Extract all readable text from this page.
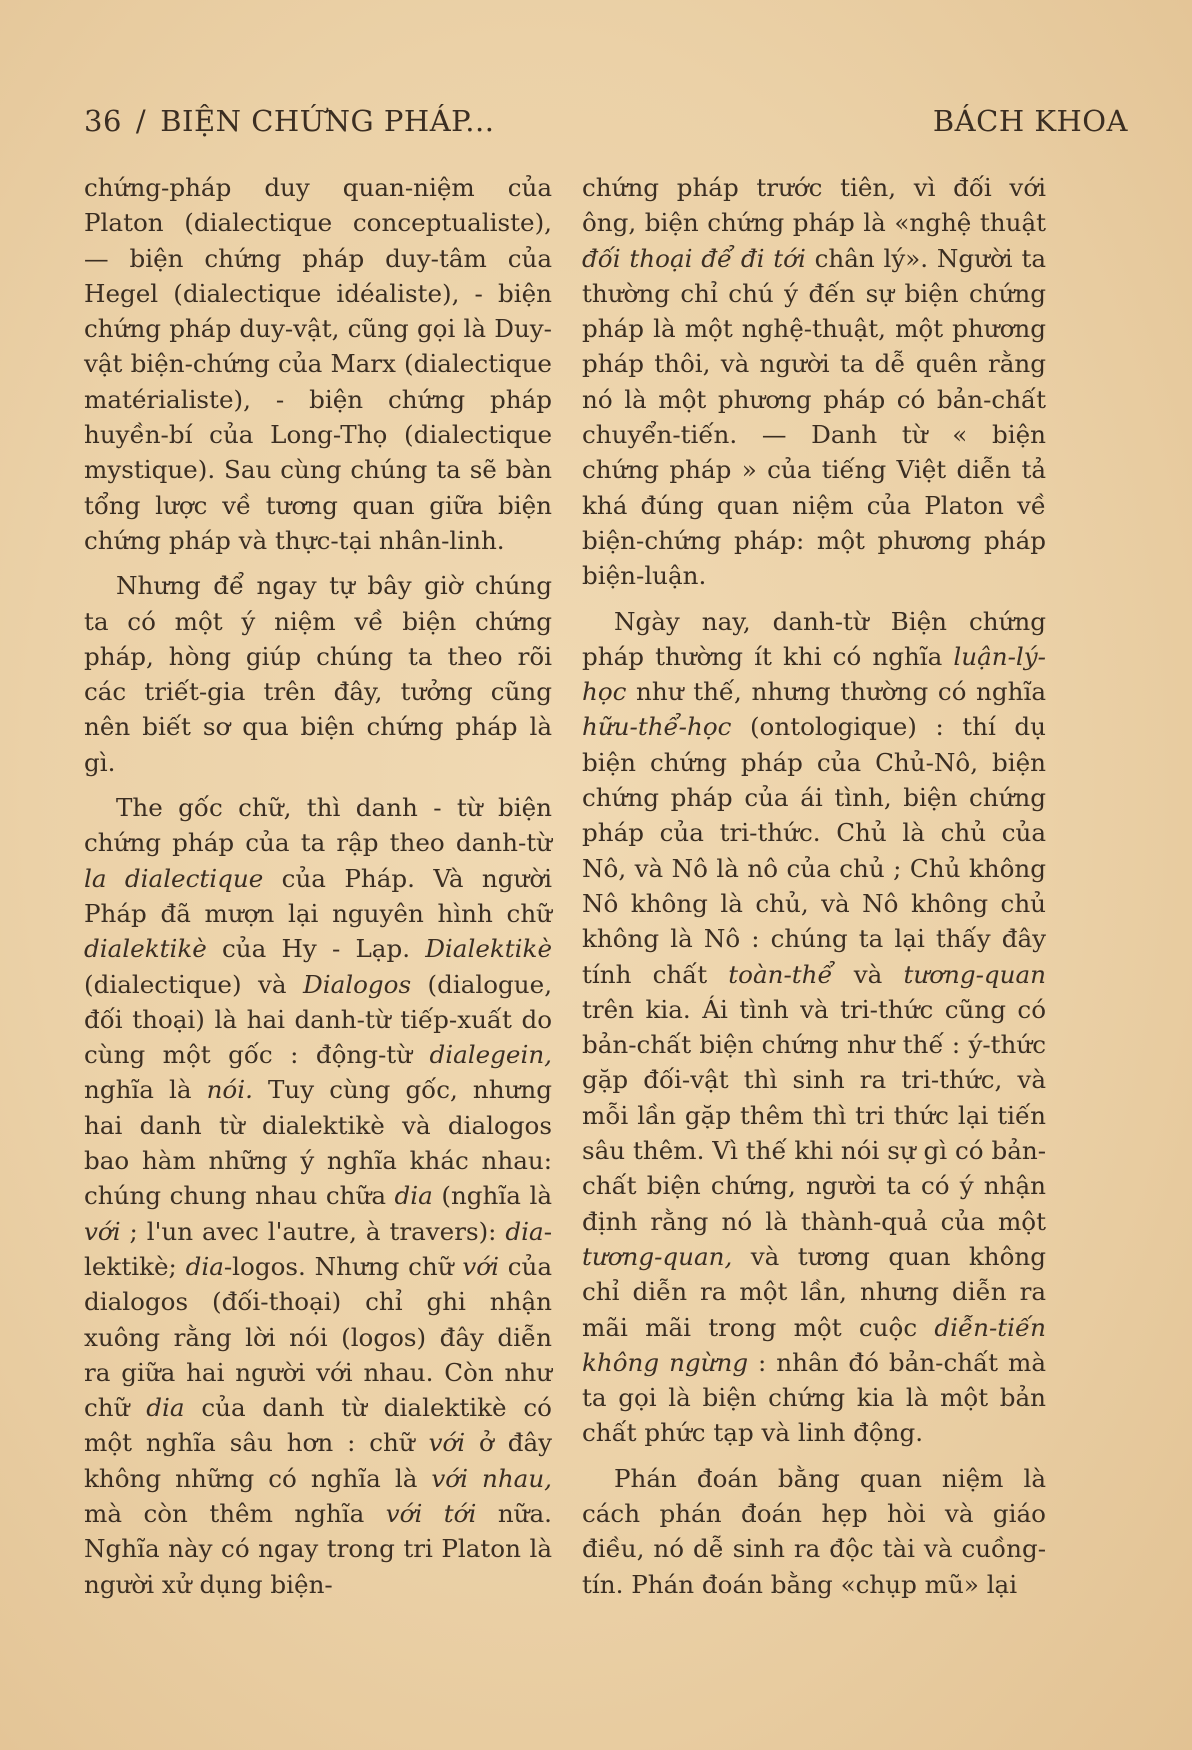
36 / BIỆN CHỨNG PHÁP...	BÁCH KHOA

chứng-pháp duy quan-niệm của Platon (dialectique conceptualiste), — biện chứng pháp duy-tâm của Hegel (dialectique idéaliste), - biện chứng pháp duy-vật, cũng gọi là Duy-vật biện-chứng của Marx (dialectique matérialiste), - biện chứng pháp huyền-bí của Long-Thọ (dialectique mystique). Sau cùng chúng ta sẽ bàn tổng lược về tương quan giữa biện chứng pháp và thực-tại nhân-linh.

Nhưng để ngay tự bây giờ chúng ta có một ý niệm về biện chứng pháp, hòng giúp chúng ta theo rõi các triết-gia trên đây, tưởng cũng nên biết sơ qua biện chứng pháp là gì.

The gốc chữ, thì danh - từ biện chứng pháp của ta rập theo danh-từ la dialectique của Pháp. Và người Pháp đã mượn lại nguyên hình chữ dialektikè của Hy - Lạp. Dialektikè (dialectique) và Dialogos (dialogue, đối thoại) là hai danh-từ tiếp-xuất do cùng một gốc : động-từ dialegein, nghĩa là nói. Tuy cùng gốc, nhưng hai danh từ dialektikè và dialogos bao hàm những ý nghĩa khác nhau: chúng chung nhau chữa dia (nghĩa là với ; l'un avec l'autre, à travers): dia-lektikè; dia-logos. Nhưng chữ với của dialogos (đối-thoại) chỉ ghi nhận xuông rằng lời nói (logos) đây diễn ra giữa hai người với nhau. Còn như chữ dia của danh từ dialektikè có một nghĩa sâu hơn : chữ với ở đây không những có nghĩa là với nhau, mà còn thêm nghĩa với tới nữa. Nghĩa này có ngay trong tri Platon là người xử dụng biện-

chứng pháp trước tiên, vì đối với ông, biện chứng pháp là «nghệ thuật đối thoại để đi tới chân lý». Người ta thường chỉ chú ý đến sự biện chứng pháp là một nghệ-thuật, một phương pháp thôi, và người ta dễ quên rằng nó là một phương pháp có bản-chất chuyển-tiến. — Danh từ « biện chứng pháp » của tiếng Việt diễn tả khá đúng quan niệm của Platon về biện-chứng pháp: một phương pháp biện-luận.

Ngày nay, danh-từ Biện chứng pháp thường ít khi có nghĩa luận-lý-học như thế, nhưng thường có nghĩa hữu-thể-học (ontologique) : thí dụ biện chứng pháp của Chủ-Nô, biện chứng pháp của ái tình, biện chứng pháp của tri-thức. Chủ là chủ của Nô, và Nô là nô của chủ ; Chủ không Nô không là chủ, và Nô không chủ không là Nô : chúng ta lại thấy đây tính chất toàn-thể và tương-quan trên kia. Ái tình và tri-thức cũng có bản-chất biện chứng như thế : ý-thức gặp đối-vật thì sinh ra tri-thức, và mỗi lần gặp thêm thì tri thức lại tiến sâu thêm. Vì thế khi nói sự gì có bản-chất biện chứng, người ta có ý nhận định rằng nó là thành-quả của một tương-quan, và tương quan không chỉ diễn ra một lần, nhưng diễn ra mãi mãi trong một cuộc diễn-tiến không ngừng : nhân đó bản-chất mà ta gọi là biện chứng kia là một bản chất phức tạp và linh động.

Phán đoán bằng quan niệm là cách phán đoán hẹp hòi và giáo điều, nó dễ sinh ra độc tài và cuồng-tín. Phán đoán bằng «chụp mũ» lại
